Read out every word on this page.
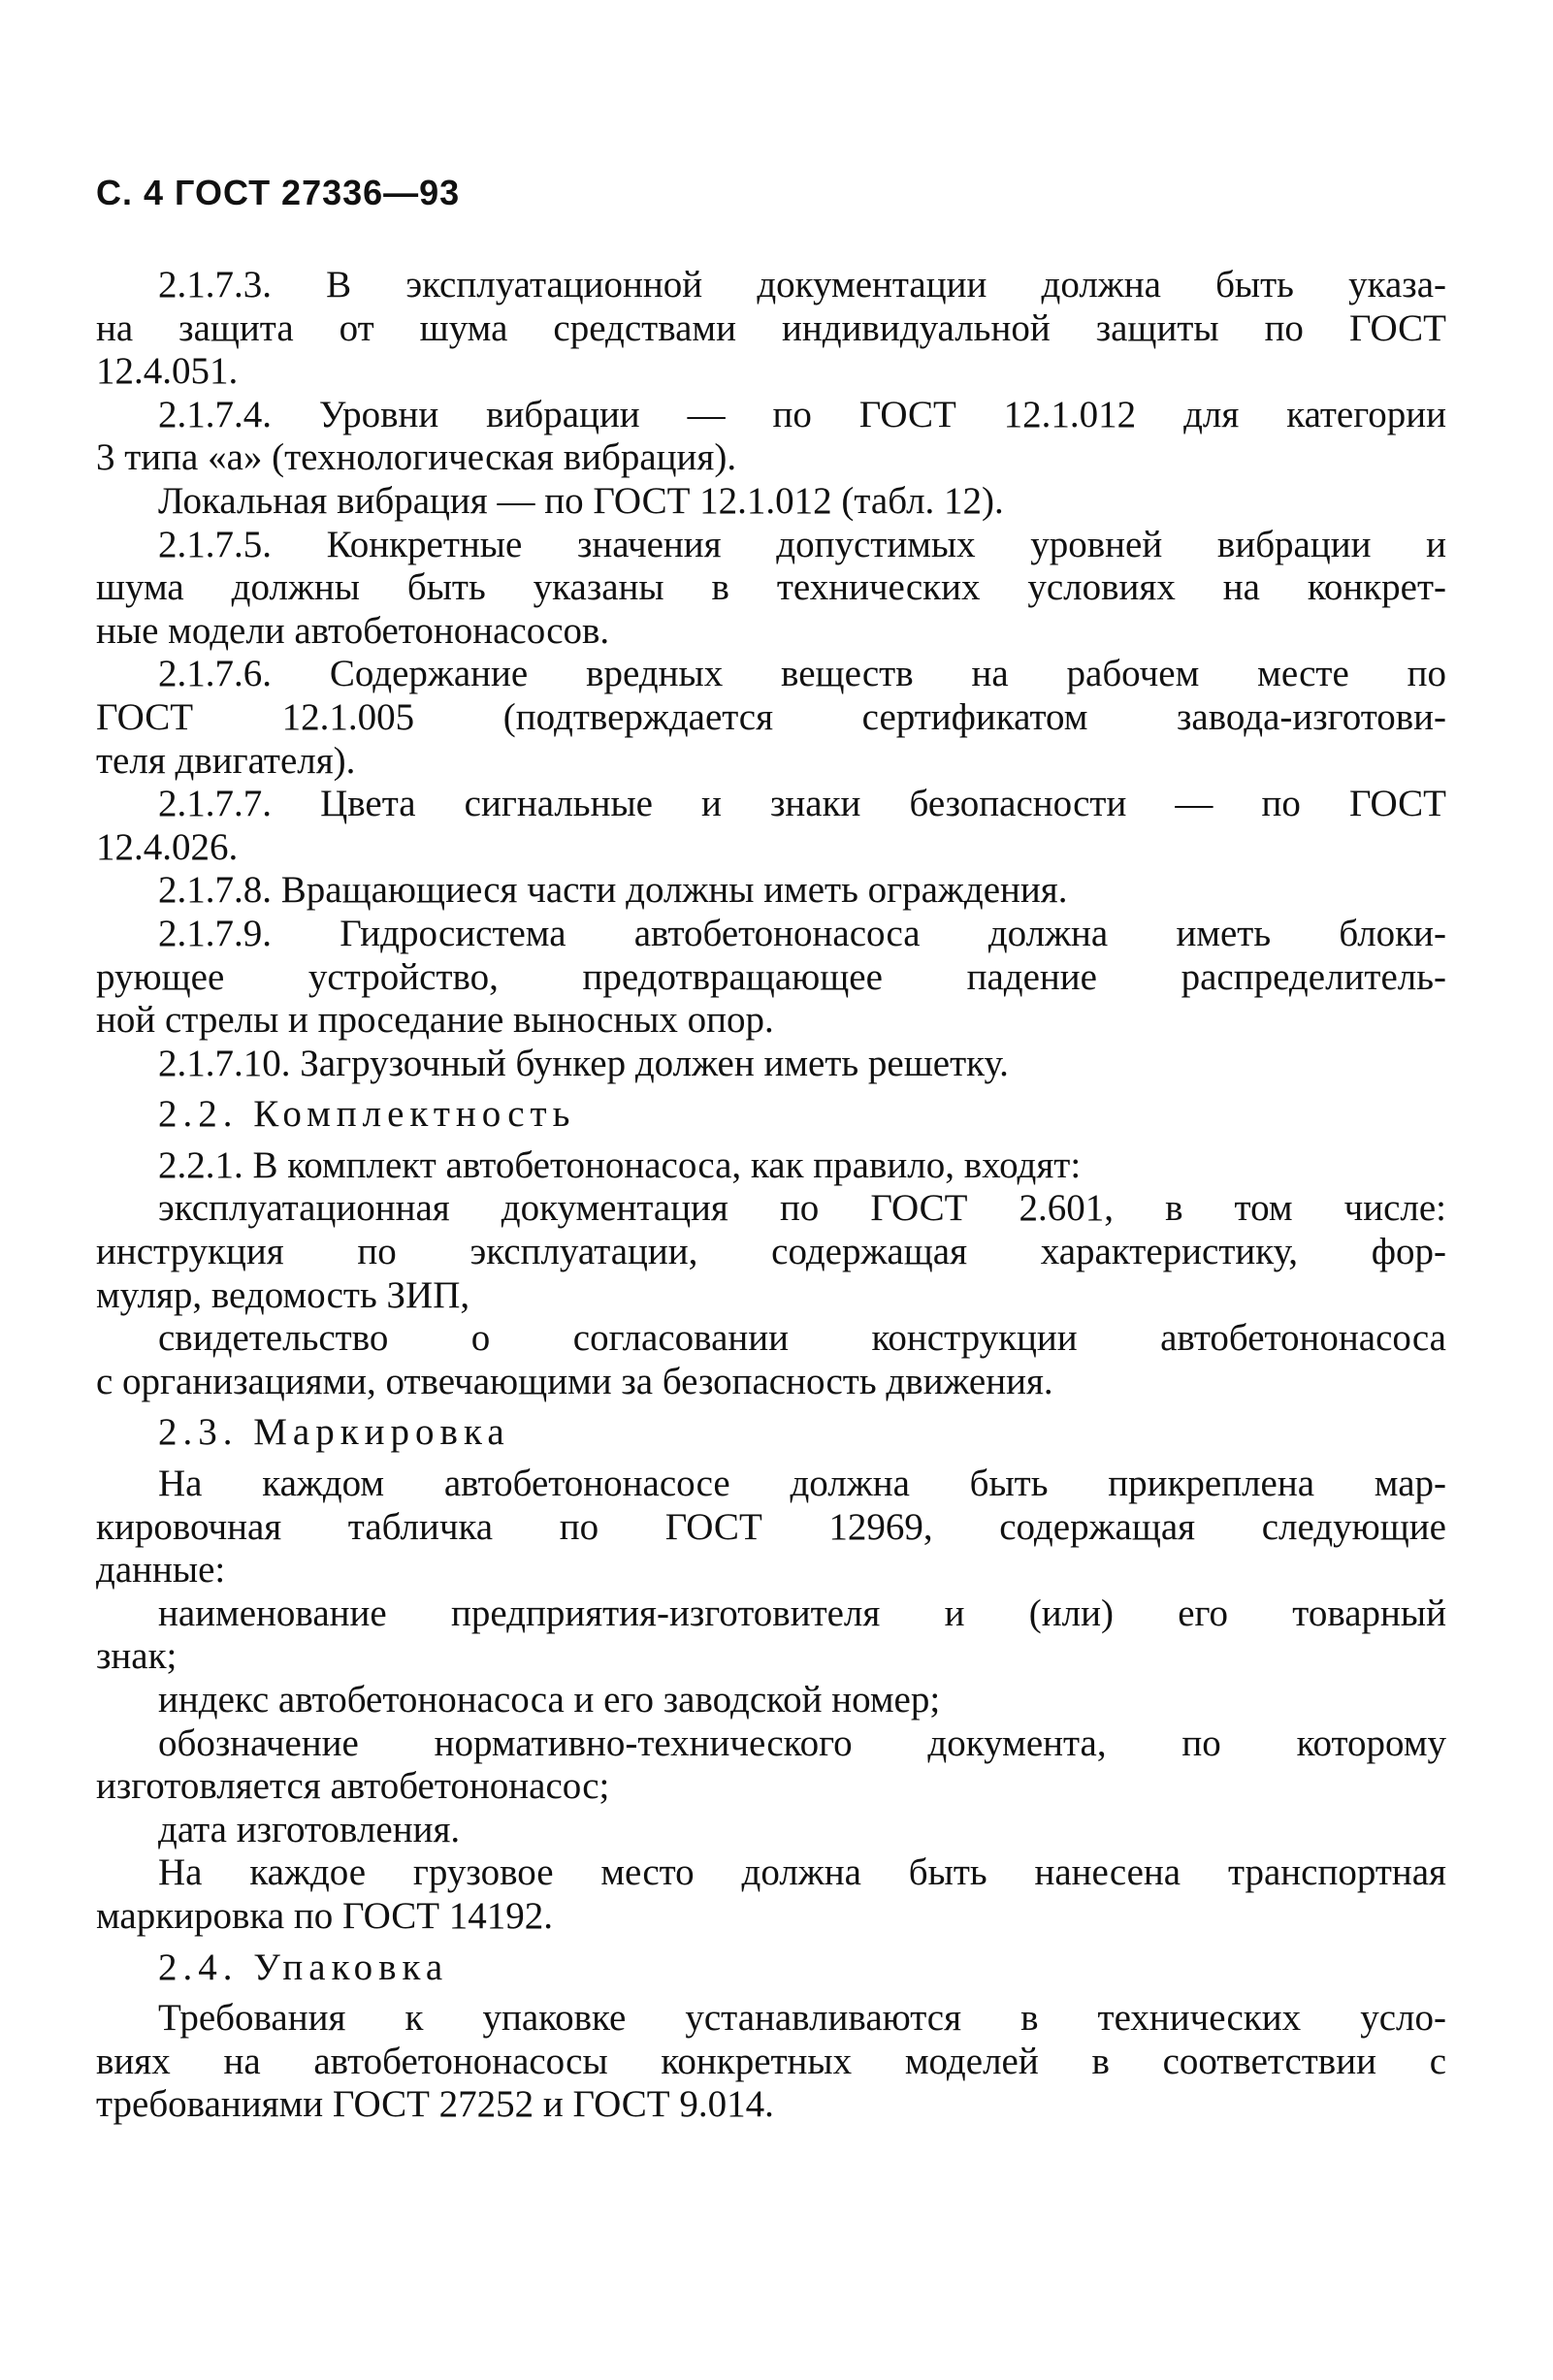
С. 4 ГОСТ 27336—93
2.1.7.3. В эксплуатационной документации должна быть указа-
на защита от шума средствами индивидуальной защиты по ГОСТ
12.4.051.
2.1.7.4. Уровни вибрации — по ГОСТ 12.1.012 для категории
3 типа «а» (технологическая вибрация).
Локальная вибрация — по ГОСТ 12.1.012 (табл. 12).
2.1.7.5. Конкретные значения допустимых уровней вибрации и
шума должны быть указаны в технических условиях на конкрет-
ные модели автобетононасосов.
2.1.7.6. Содержание вредных веществ на рабочем месте по
ГОСТ 12.1.005 (подтверждается сертификатом завода-изготови-
теля двигателя).
2.1.7.7. Цвета сигнальные и знаки безопасности — по ГОСТ
12.4.026.
2.1.7.8. Вращающиеся части должны иметь ограждения.
2.1.7.9. Гидросистема автобетононасоса должна иметь блоки-
рующее устройство, предотвращающее падение распределитель-
ной стрелы и проседание выносных опор.
2.1.7.10. Загрузочный бункер должен иметь решетку.
2.2. Комплектность
2.2.1. В комплект автобетононасоса, как правило, входят:
эксплуатационная документация по ГОСТ 2.601, в том числе:
инструкция по эксплуатации, содержащая характеристику, фор-
муляр, ведомость ЗИП,
свидетельство о согласовании конструкции автобетононасоса
с организациями, отвечающими за безопасность движения.
2.3. Маркировка
На каждом автобетононасосе должна быть прикреплена мар-
кировочная табличка по ГОСТ 12969, содержащая следующие
данные:
наименование предприятия-изготовителя и (или) его товарный
знак;
индекс автобетононасоса и его заводской номер;
обозначение нормативно-технического документа, по которому
изготовляется автобетононасос;
дата изготовления.
На каждое грузовое место должна быть нанесена транспортная
маркировка по ГОСТ 14192.
2.4. Упаковка
Требования к упаковке устанавливаются в технических усло-
виях на автобетононасосы конкретных моделей в соответствии с
требованиями ГОСТ 27252 и ГОСТ 9.014.
